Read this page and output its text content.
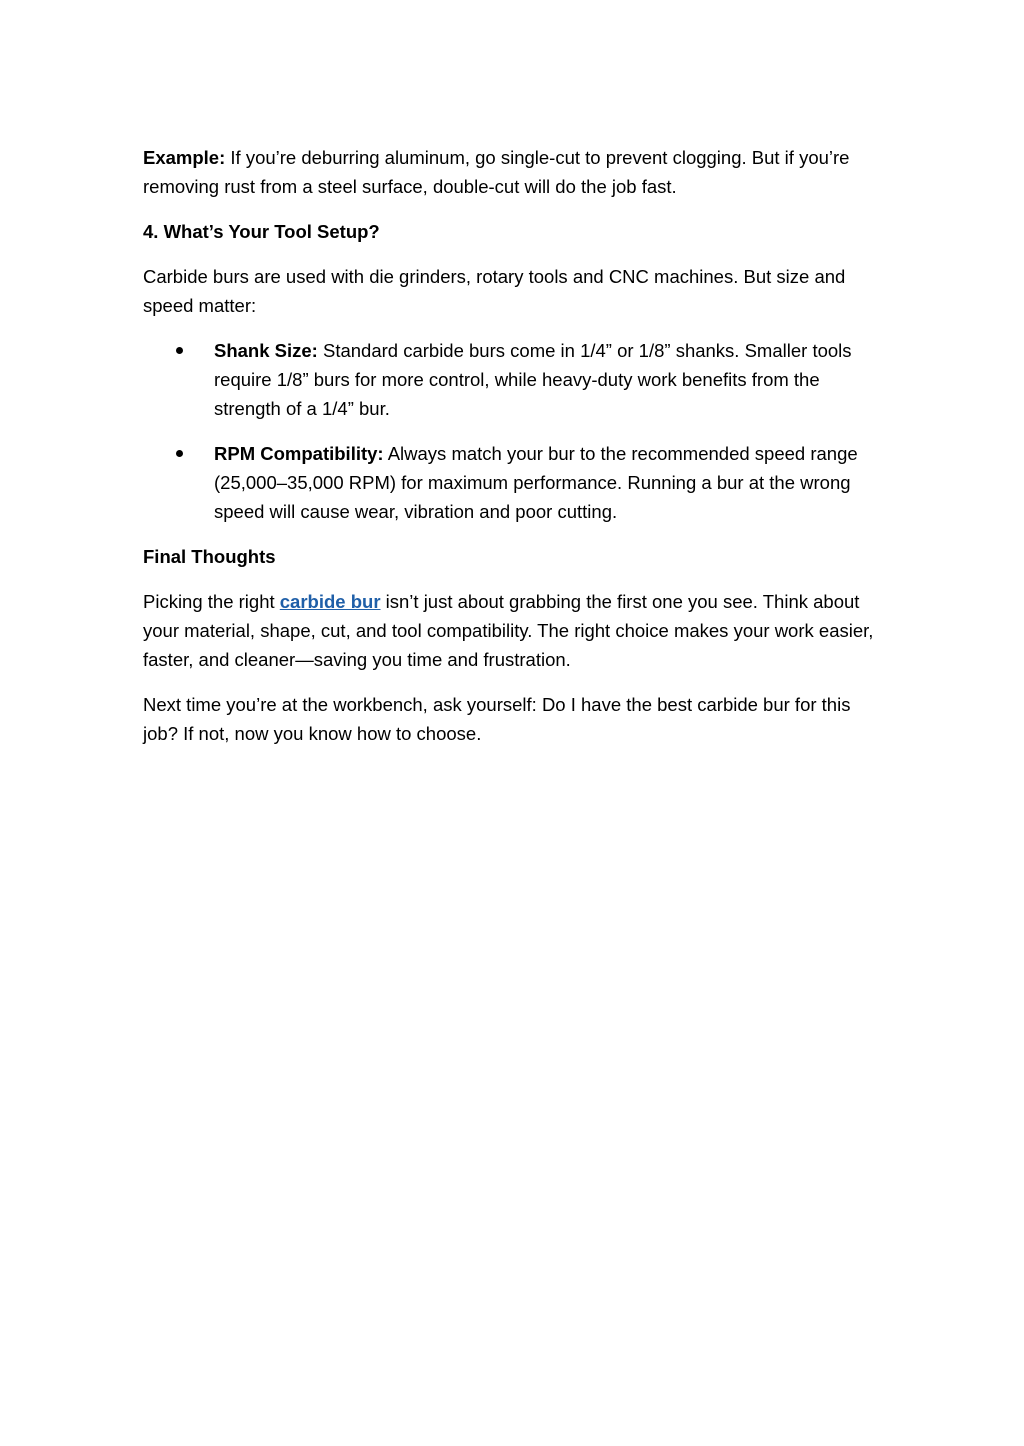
Example: If you’re deburring aluminum, go single-cut to prevent clogging. But if you’re removing rust from a steel surface, double-cut will do the job fast.

4. What’s Your Tool Setup?

Carbide burs are used with die grinders, rotary tools and CNC machines. But size and speed matter:

Shank Size: Standard carbide burs come in 1/4” or 1/8” shanks. Smaller tools require 1/8” burs for more control, while heavy-duty work benefits from the strength of a 1/4” bur.
RPM Compatibility: Always match your bur to the recommended speed range (25,000–35,000 RPM) for maximum performance. Running a bur at the wrong speed will cause wear, vibration and poor cutting.

Final Thoughts

Picking the right carbide bur isn’t just about grabbing the first one you see. Think about your material, shape, cut, and tool compatibility. The right choice makes your work easier, faster, and cleaner—saving you time and frustration.

Next time you’re at the workbench, ask yourself: Do I have the best carbide bur for this job? If not, now you know how to choose.
